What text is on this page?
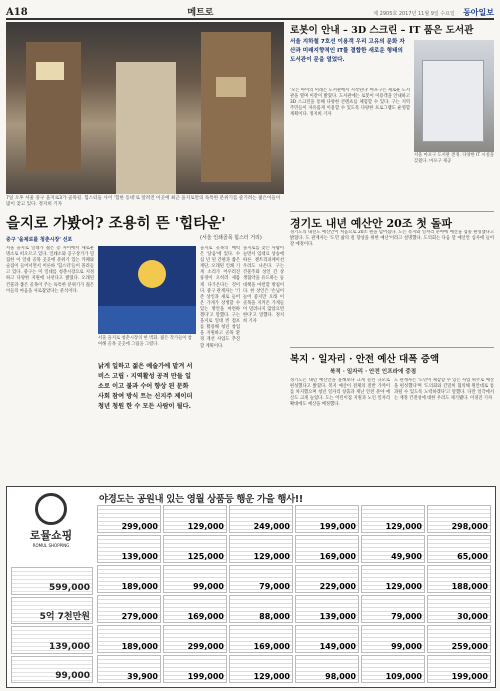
A18	메트로	제 2905호 2017년 11월 9일 수요일 동아일보
7일 오후 서울 중구 을지로3가 골목길. 힙스터들 사이 '힙한 동네'로 알려진 이곳에 최근 을지로만의 독특한 분위기를 즐기려는 젊은이들이 많이 찾고 있다. 정지희 기자
로봇이 안내 – 3D 스크린 – IT 품은 도서관
서울 지하철 7호선 이용객 우리 고유의 문화 자산과 미래지향적인 IT를 결합한 새로운 형태의 도서관이 문을 열었다.
서울 마포구 도서관 전경. 다양한 IT 시설을 갖췄다. 마포구 제공
'모든 아이의 미래는 도서관에서 시작된다' 마포구는 새로운 도서관을 열며 이같이 밝혔다. 도서관에는 로봇이 이용객을 안내하고 3D 스크린을 통해 다양한 콘텐츠를 체험할 수 있다. 구는 지역 주민들이 자유롭게 이용할 수 있도록 다양한 프로그램도 운영할 계획이다. 정지희 기자
을지로 가봤어? 조용히 뜬 '힙타운'
중구 '을제로를 청춘시장' 선포	(서울 인쇄골목 힙스터 거리)
서울 을지로 일대가 젊은 층 사이에서 새로운 명소로 떠오르고 있다. 인쇄소와 공구상가가 밀집한 이 일대 골목 곳곳에 분위기 있는 카페와 술집이 들어서면서 이른바 '힙스터'들이 몰려들고 있다. 중구는 이 일대를 청춘시장으로 지정하고 다양한 지원에 나선다고 밝혔다. 오래된 건물과 좁은 골목이 주는 독특한 분위기가 젊은이들의 마음을 사로잡았다는 분석이다.
서울 을지로 청춘시장의 한 벽화. 젊은 작가들이 참여해 골목 곳곳에 그림을 그렸다.
낡게 일하고 젊은 예술가에 맡겨 서비스 고립 · 지역활성 공적 만들 일소로 이고 불과 수어 향상 된 문화 사회 참여 방식 트는 신지주 제이더 청년 청원 한 수 모든 사람이 될다.
을지로 골목의 매력은 '낡음'에 있다. 수십 년 된 간판과 좁은 계단, 오래된 인쇄 기계 소리가 어우러진 풍경이 오히려 새롭게 다가온다는 것이다. 중구 관계자는 '기존 상인과 새로 들어온 가게가 상생할 수 있는 방안을 마련하겠다'고 말했다. 구는 을지로 일대 빈 점포를 활용해 청년 창업을 지원하고 골목 환경 개선 사업도 추진할 계획이다.
을지로를 찾는 사람이 늘면서 임대료 상승에 따른 젠트리피케이션 우려도 나온다. 구는 건물주와 상인 간 상생협약을 유도하는 등 대책을 마련할 방침이다. 한 상인은 '손님이 늘어 좋지만 오래 이 골목을 지켜온 가게들이 밀려나지 않았으면 한다'고 말했다. 정지희 기자
경기도 내년 예산안 20조 첫 돌파
경기도의 내년도 예산안이 처음으로 20조 원을 넘어섰다. 도는 복지와 일자리 분야에 예산을 집중 편성했다고 밝혔다. 도 관계자는 '도민 삶의 질 향상을 위한 예산'이라고 설명했다. 도의회는 다음 달 예산안 심사에 들어갈 예정이다.
복지 · 일자리 · 안전 예산 대폭 증액
북적 · 일자리 · 안전 인프라에 중점
경기도는 내년 예산안을 올해보다 크게 늘린 규모로 편성했다고 밝혔다. 복지 예산이 전체의 절반 가까이를 차지했으며 청년 일자리 창출과 재난 안전 분야 예산도 크게 늘었다. 도는 어린이집 지원과 노인 일자리 확대에도 예산을 배정했다.
도 관계자는 '도민이 체감할 수 있는 사업 위주로 예산을 편성했다'며 '도의회와 긴밀히 협의해 원안대로 통과될 수 있도록 노력하겠다'고 말했다. 다만 일각에서는 재정 건전성에 대한 우려도 제기됐다. 이경진 기자
로뮬쇼핑
ROMUL SHOPPING
야경도는 공원내 있는 영월 상품등 행운 가을 행사!!
599,000
5억 7천만원
139,000
99,000
299,000	129,000	249,000	199,000	129,000	298,000
139,000	125,000	129,000	169,000	49,900	65,000
189,000	99,000	79,000	229,000	129,000	188,000
279,000	169,000	88,000	139,000	79,000	30,000
189,000	299,000	169,000	149,000	99,000	259,000
39,900	199,000	129,000	98,000	109,000	199,000
